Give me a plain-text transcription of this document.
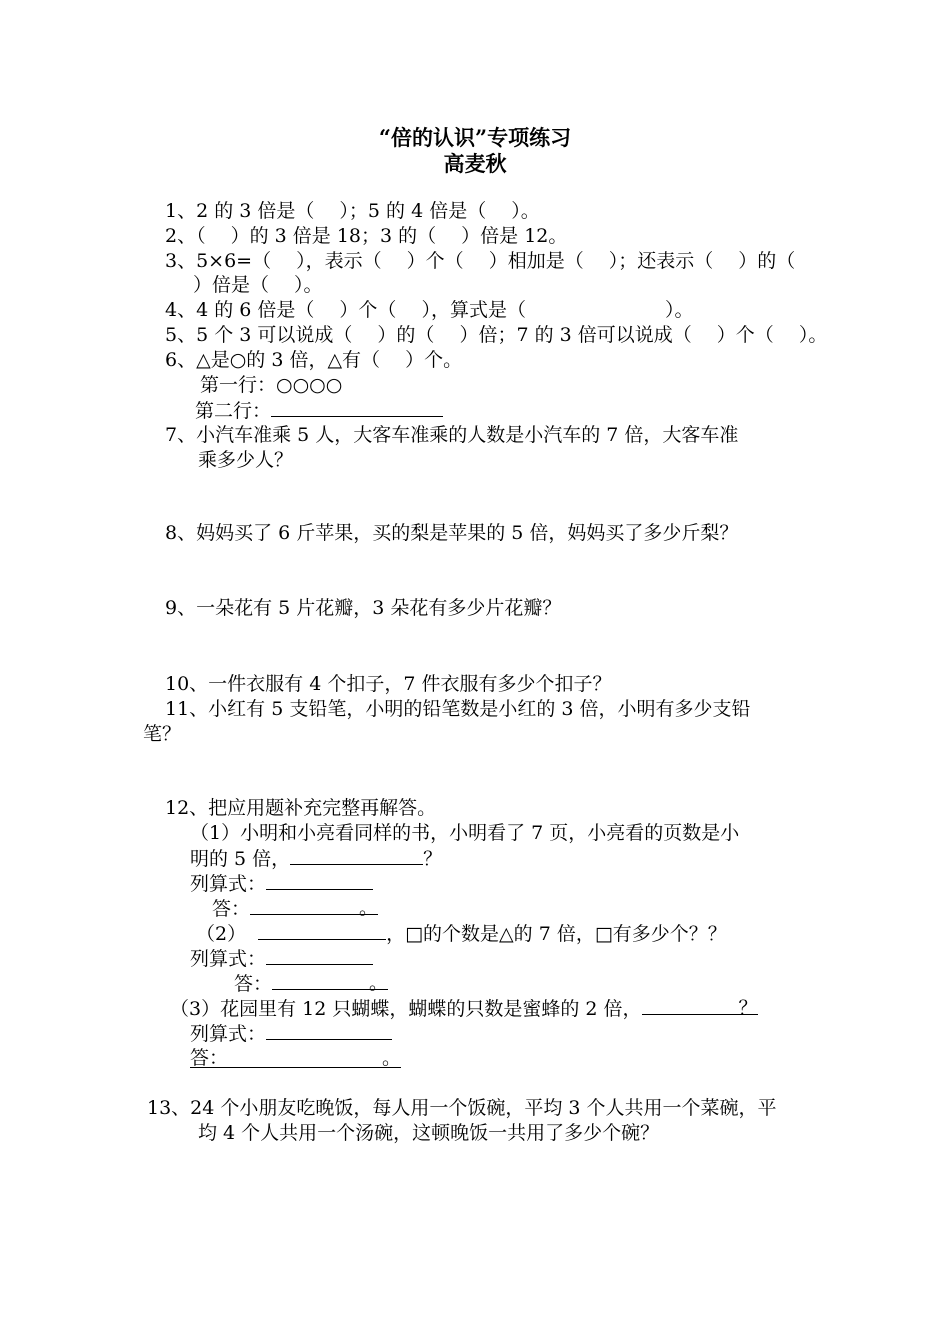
“倍的认识”专项练习
高麦秋
1、2 的 3 倍是（　 ）；5 的 4 倍是（　 ）。
2、（　 ）的 3 倍是 18；3 的（　 ）倍是 12。
3、5×6=（　 ），表示（　 ）个（　 ）相加是（　 ）；还表示（　 ）的（
）倍是（　 ）。
4、4 的 6 倍是（　 ）个（　 ），算式是（　　　　　　　 ）。
5、5 个 3 可以说成（　 ）的（　 ）倍；7 的 3 倍可以说成（　 ）个（　 ）。
6、△是○的 3 倍，△有（　 ）个。
第一行：○○○○
第二行：
7、小汽车准乘 5 人，大客车准乘的人数是小汽车的 7 倍，大客车准
乘多少人？
8、妈妈买了 6 斤苹果，买的梨是苹果的 5 倍，妈妈买了多少斤梨？
9、一朵花有 5 片花瓣，3 朵花有多少片花瓣？
10、一件衣服有 4 个扣子，7 件衣服有多少个扣子？
11、小红有 5 支铅笔，小明的铅笔数是小红的 3 倍，小明有多少支铅
笔？
12、把应用题补充完整再解答。
（1）小明和小亮看同样的书，小明看了 7 页，小亮看的页数是小
明的 5 倍，	？
列算式：
答：	。
（2）	，□的个数是△的 7 倍，□有多少个？？
列算式：
答：	。
（3）花园里有 12 只蝴蝶，蝴蝶的只数是蜜蜂的 2 倍，	？
列算式：
答：	。
13、24 个小朋友吃晚饭，每人用一个饭碗，平均 3 个人共用一个菜碗，平
均 4 个人共用一个汤碗，这顿晚饭一共用了多少个碗？
